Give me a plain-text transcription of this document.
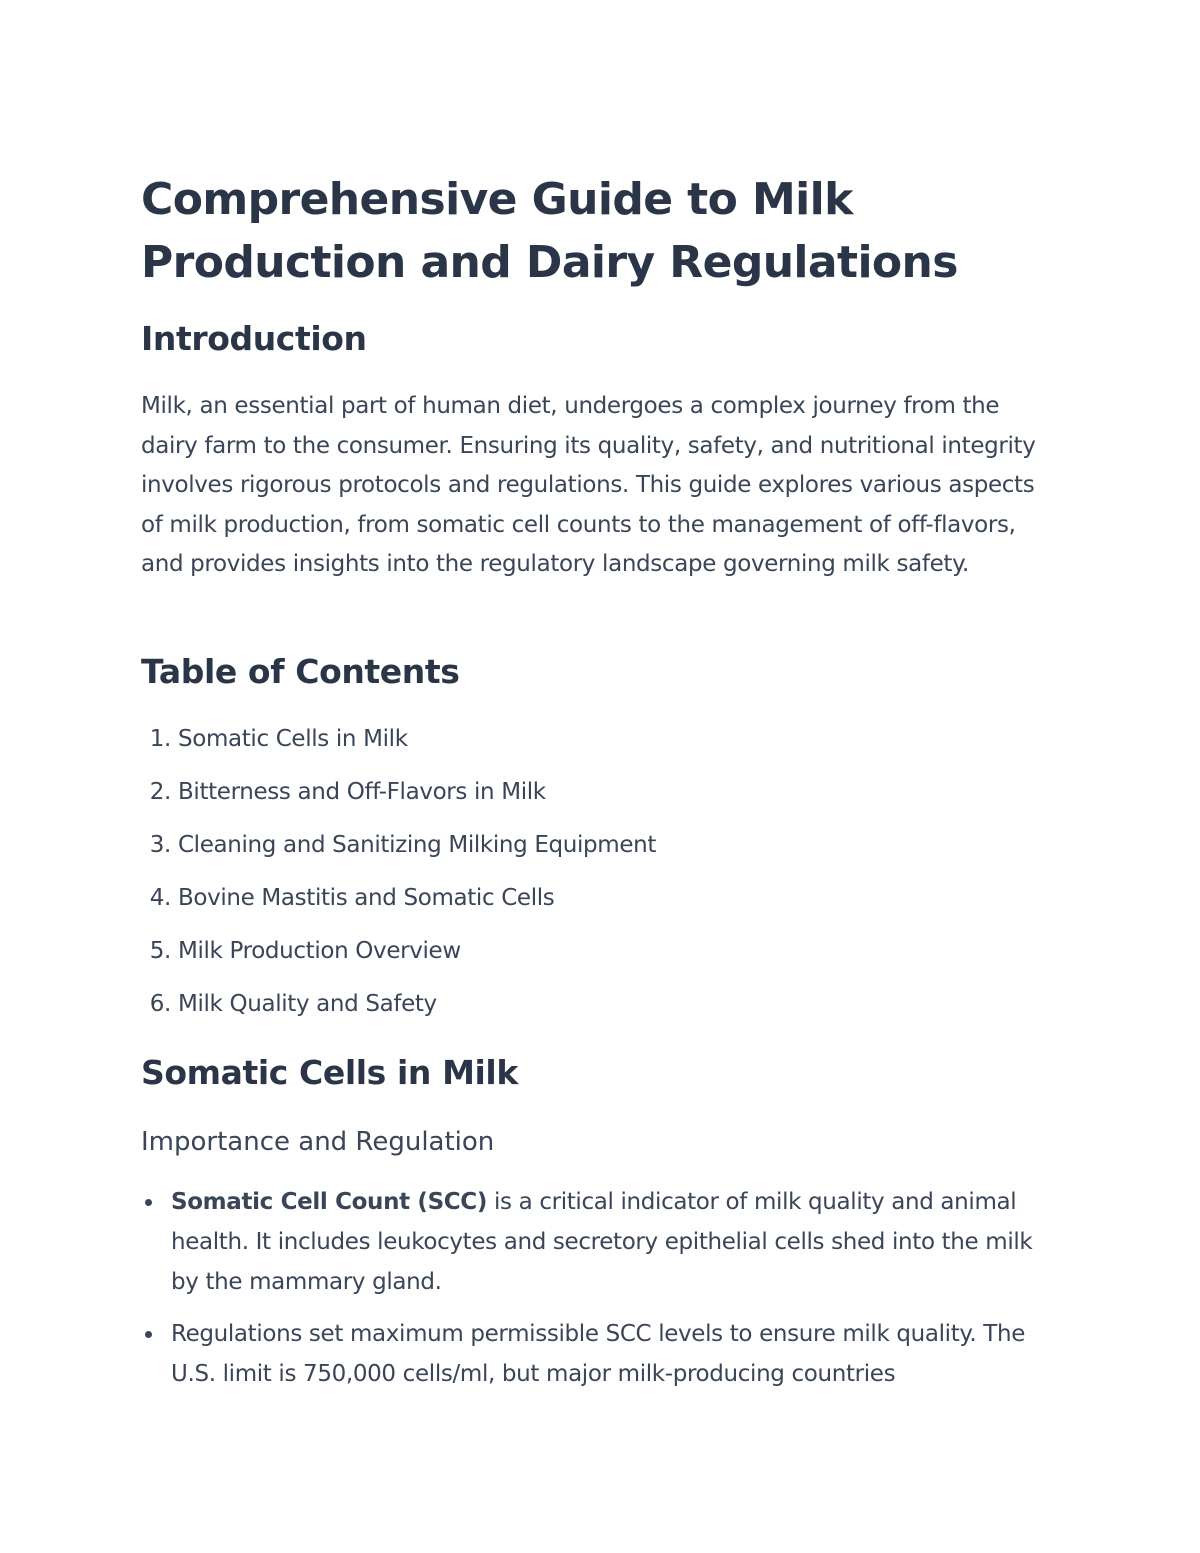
Comprehensive Guide to Milk Production and Dairy Regulations
Introduction

Milk, an essential part of human diet, undergoes a complex journey from the dairy farm to the consumer. Ensuring its quality, safety, and nutritional integrity involves rigorous protocols and regulations. This guide explores various aspects of milk production, from somatic cell counts to the management of off-flavors, and provides insights into the regulatory landscape governing milk safety.

Table of Contents
1. Somatic Cells in Milk
2. Bitterness and Off-Flavors in Milk
3. Cleaning and Sanitizing Milking Equipment
4. Bovine Mastitis and Somatic Cells
5. Milk Production Overview
6. Milk Quality and Safety
Somatic Cells in Milk
Importance and Regulation
Somatic Cell Count (SCC) is a critical indicator of milk quality and animal health. It includes leukocytes and secretory epithelial cells shed into the milk by the mammary gland.
Regulations set maximum permissible SCC levels to ensure milk quality. The U.S. limit is 750,000 cells/ml, but major milk-producing countries
